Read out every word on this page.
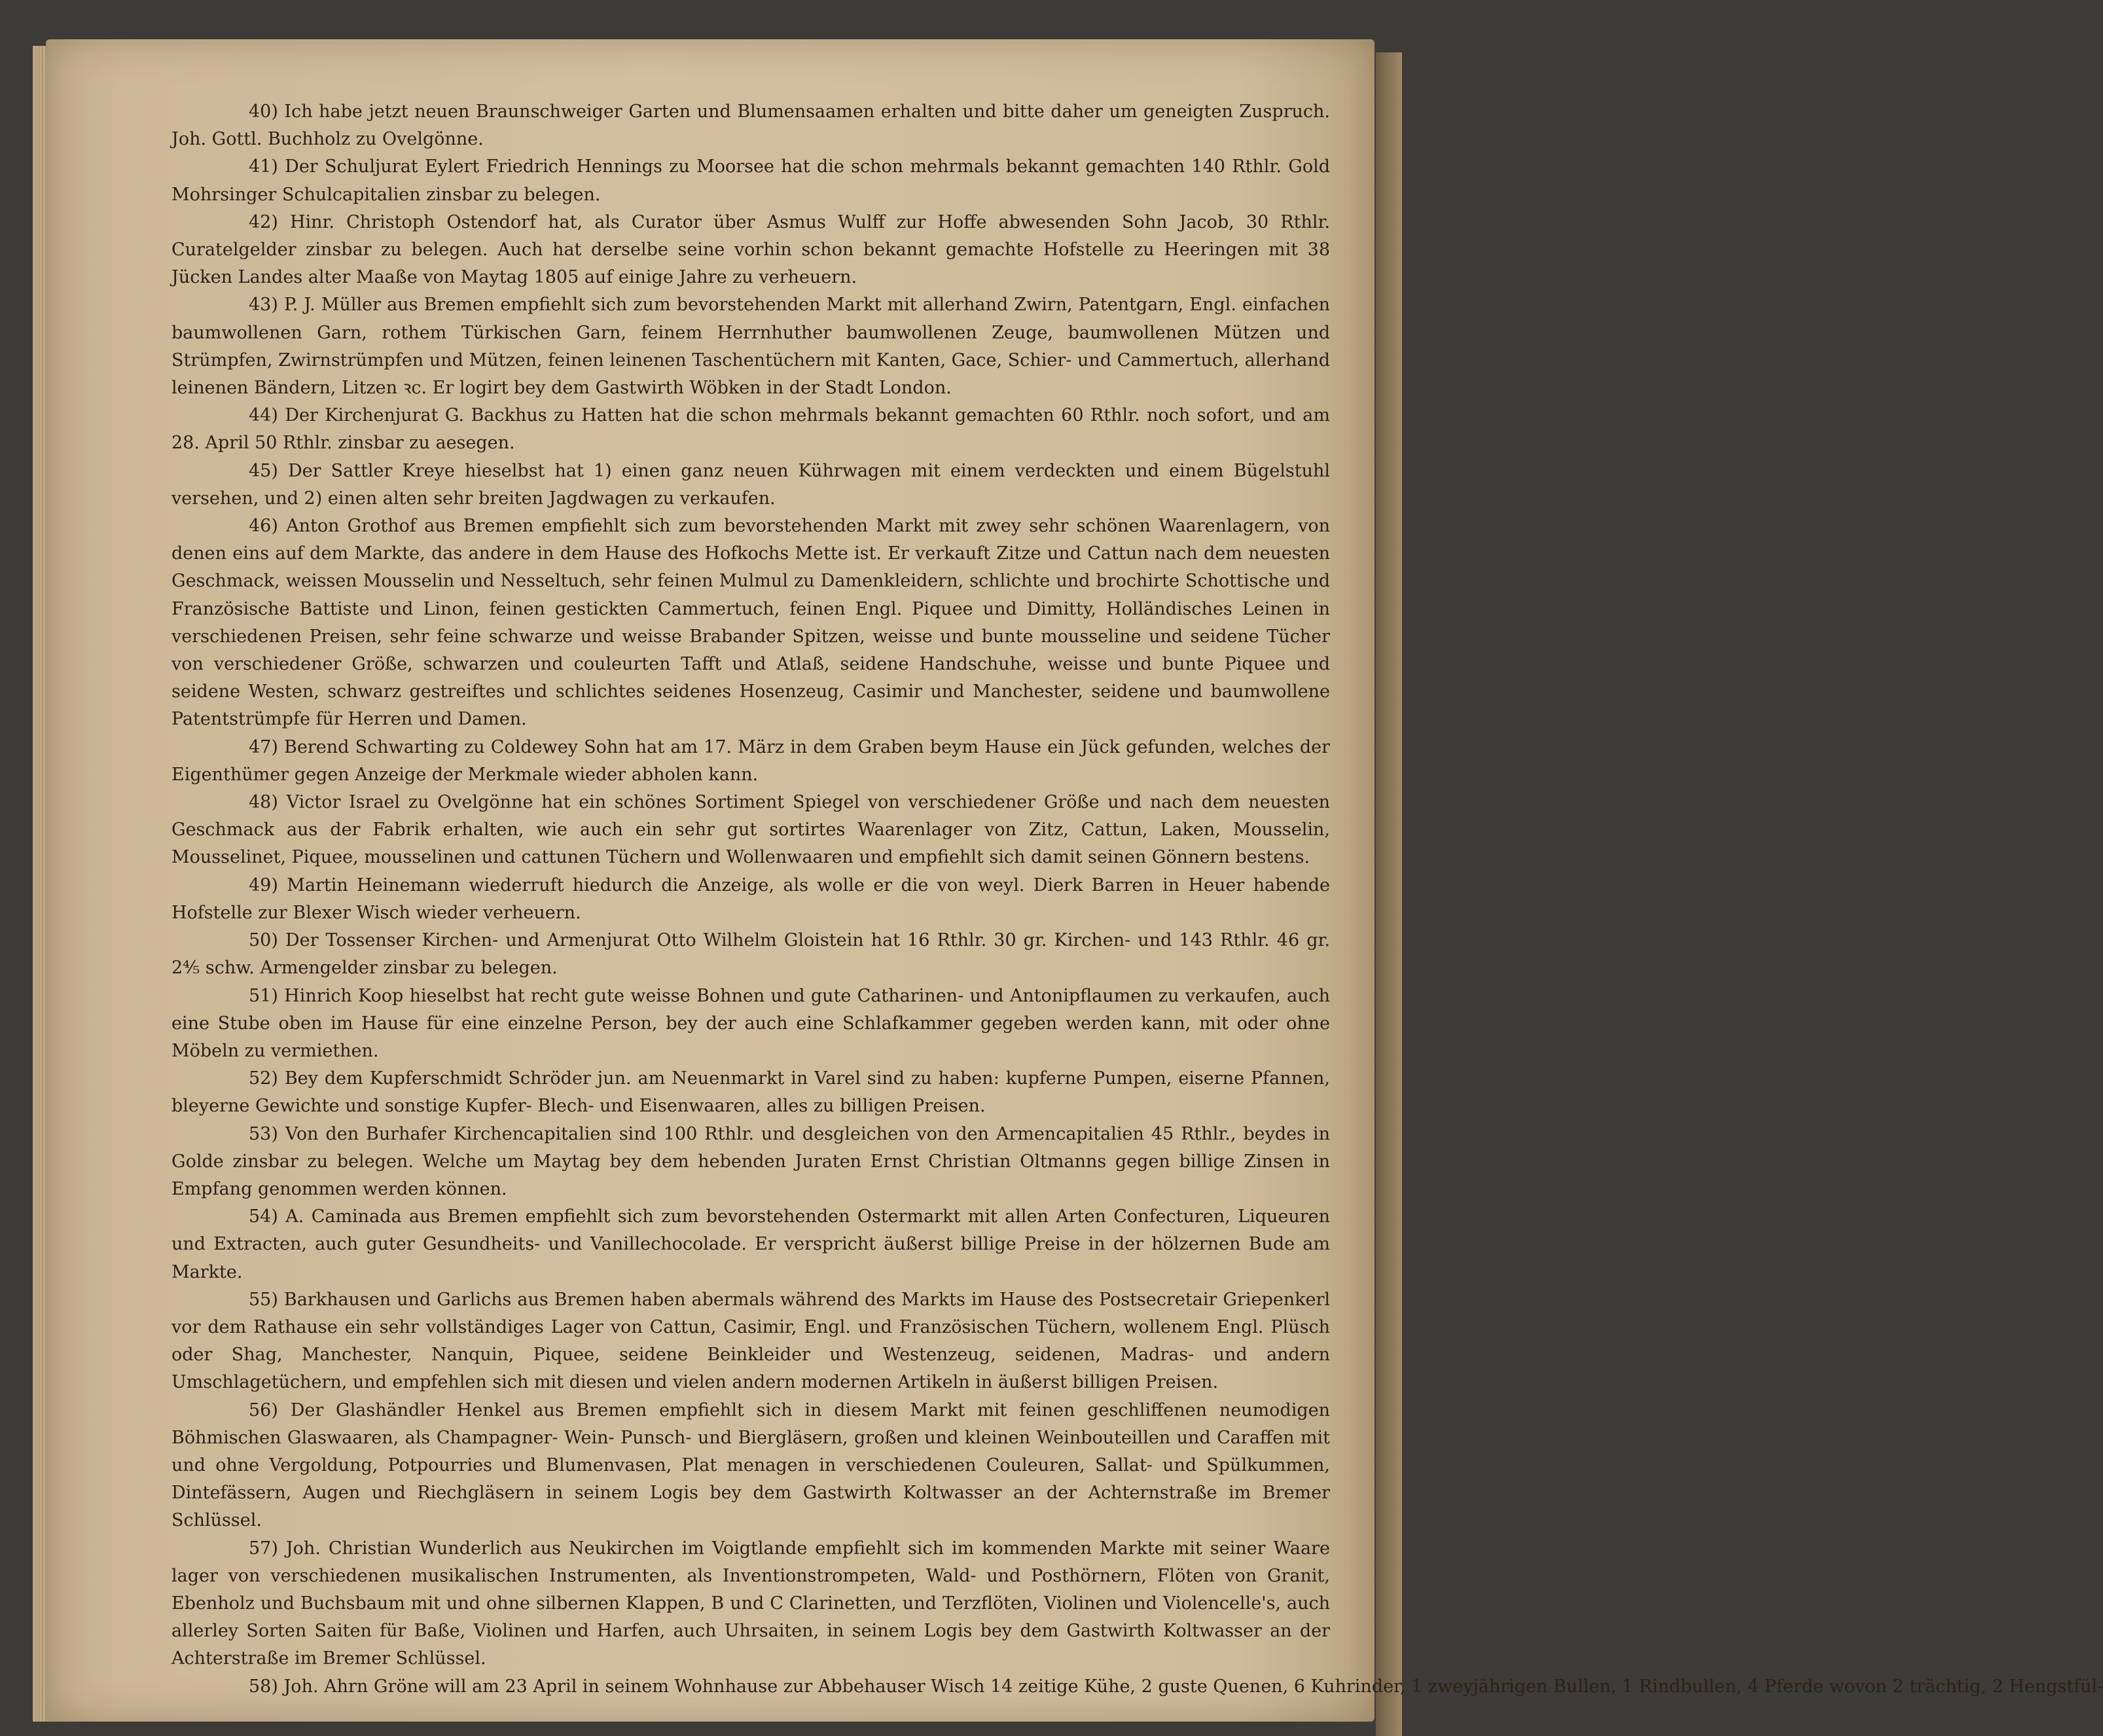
40) Ich habe jetzt neuen Braunschweiger Garten und Blumensaamen erhalten und bitte daher um geneigten Zuspruch. Joh. Gottl. Buchholz zu Ovelgönne.

41) Der Schuljurat Eylert Friedrich Hennings zu Moorsee hat die schon mehrmals bekannt gemachten 140 Rthlr. Gold Mohrsinger Schulcapitalien zinsbar zu belegen.

42) Hinr. Christoph Ostendorf hat, als Curator über Asmus Wulff zur Hoffe abwesenden Sohn Jacob, 30 Rthlr. Curatelgelder zinsbar zu belegen. Auch hat derselbe seine vorhin schon bekannt gemachte Hofstelle zu Heeringen mit 38 Jücken Landes alter Maaße von Maytag 1805 auf einige Jahre zu verheuern.

43) P. J. Müller aus Bremen empfiehlt sich zum bevorstehenden Markt mit allerhand Zwirn, Patentgarn, Engl. einfachen baumwollenen Garn, rothem Türkischen Garn, feinem Herrnhuther baumwollenen Zeuge, baumwollenen Mützen und Strümpfen, Zwirnstrümpfen und Mützen, feinen leinenen Taschentüchern mit Kanten, Gace, Schier- und Cammertuch, allerhand leinenen Bändern, Litzen ꝛc. Er logirt bey dem Gastwirth Wöbken in der Stadt London.

44) Der Kirchenjurat G. Backhus zu Hatten hat die schon mehrmals bekannt gemachten 60 Rthlr. noch sofort, und am 28. April 50 Rthlr. zinsbar zu aesegen.

45) Der Sattler Kreye hieselbst hat 1) einen ganz neuen Kührwagen mit einem verdeckten und einem Bügelstuhl versehen, und 2) einen alten sehr breiten Jagdwagen zu verkaufen.

46) Anton Grothof aus Bremen empfiehlt sich zum bevorstehenden Markt mit zwey sehr schönen Waarenlagern, von denen eins auf dem Markte, das andere in dem Hause des Hofkochs Mette ist. Er verkauft Zitze und Cattun nach dem neuesten Geschmack, weissen Mousselin und Nesseltuch, sehr feinen Mulmul zu Damenkleidern, schlichte und brochirte Schottische und Französische Battiste und Linon, feinen gestickten Cammertuch, feinen Engl. Piquee und Dimitty, Holländisches Leinen in verschiedenen Preisen, sehr feine schwarze und weisse Brabander Spitzen, weisse und bunte mousseline und seidene Tücher von verschiedener Größe, schwarzen und couleurten Tafft und Atlaß, seidene Handschuhe, weisse und bunte Piquee und seidene Westen, schwarz gestreiftes und schlichtes seidenes Hosenzeug, Casimir und Manchester, seidene und baumwollene Patentstrümpfe für Herren und Damen.

47) Berend Schwarting zu Coldewey Sohn hat am 17. März in dem Graben beym Hause ein Jück gefunden, welches der Eigenthümer gegen Anzeige der Merkmale wieder abholen kann.

48) Victor Israel zu Ovelgönne hat ein schönes Sortiment Spiegel von verschiedener Größe und nach dem neuesten Geschmack aus der Fabrik erhalten, wie auch ein sehr gut sortirtes Waarenlager von Zitz, Cattun, Laken, Mousselin, Mousselinet, Piquee, mousselinen und cattunen Tüchern und Wollenwaaren und empfiehlt sich damit seinen Gönnern bestens.

49) Martin Heinemann wiederruft hiedurch die Anzeige, als wolle er die von weyl. Dierk Barren in Heuer habende Hofstelle zur Blexer Wisch wieder verheuern.

50) Der Tossenser Kirchen- und Armenjurat Otto Wilhelm Gloistein hat 16 Rthlr. 30 gr. Kirchen- und 143 Rthlr. 46 gr. 2⅘ schw. Armengelder zinsbar zu belegen.

51) Hinrich Koop hieselbst hat recht gute weisse Bohnen und gute Catharinen- und Antonipflaumen zu verkaufen, auch eine Stube oben im Hause für eine einzelne Person, bey der auch eine Schlafkammer gegeben werden kann, mit oder ohne Möbeln zu vermiethen.

52) Bey dem Kupferschmidt Schröder jun. am Neuenmarkt in Varel sind zu haben: kupferne Pumpen, eiserne Pfannen, bleyerne Gewichte und sonstige Kupfer- Blech- und Eisenwaaren, alles zu billigen Preisen.

53) Von den Burhafer Kirchencapitalien sind 100 Rthlr. und desgleichen von den Armencapitalien 45 Rthlr., beydes in Golde zinsbar zu belegen. Welche um Maytag bey dem hebenden Juraten Ernst Christian Oltmanns gegen billige Zinsen in Empfang genommen werden können.

54) A. Caminada aus Bremen empfiehlt sich zum bevorstehenden Ostermarkt mit allen Arten Confecturen, Liqueuren und Extracten, auch guter Gesundheits- und Vanillechocolade. Er verspricht äußerst billige Preise in der hölzernen Bude am Markte.

55) Barkhausen und Garlichs aus Bremen haben abermals während des Markts im Hause des Postsecretair Griepenkerl vor dem Rathause ein sehr vollständiges Lager von Cattun, Casimir, Engl. und Französischen Tüchern, wollenem Engl. Plüsch oder Shag, Manchester, Nanquin, Piquee, seidene Beinkleider und Westenzeug, seidenen, Madras- und andern Umschlagetüchern, und empfehlen sich mit diesen und vielen andern modernen Artikeln in äußerst billigen Preisen.

56) Der Glashändler Henkel aus Bremen empfiehlt sich in diesem Markt mit feinen geschliffenen neumodigen Böhmischen Glaswaaren, als Champagner- Wein- Punsch- und Biergläsern, großen und kleinen Weinbouteillen und Caraffen mit und ohne Vergoldung, Potpourries und Blumenvasen, Plat menagen in verschiedenen Couleuren, Sallat- und Spülkummen, Dintefässern, Augen und Riechgläsern in seinem Logis bey dem Gastwirth Koltwasser an der Achternstraße im Bremer Schlüssel.

57) Joh. Christian Wunderlich aus Neukirchen im Voigtlande empfiehlt sich im kommenden Markte mit seiner Waare lager von verschiedenen musikalischen Instrumenten, als Inventionstrompeten, Wald- und Posthörnern, Flöten von Granit, Ebenholz und Buchsbaum mit und ohne silbernen Klappen, B und C Clarinetten, und Terzflöten, Violinen und Violencelle's, auch allerley Sorten Saiten für Baße, Violinen und Harfen, auch Uhrsaiten, in seinem Logis bey dem Gastwirth Koltwasser an der Achterstraße im Bremer Schlüssel.

58) Joh. Ahrn Gröne will am 23 April in seinem Wohnhause zur Abbehauser Wisch 14 zeitige Kühe, 2 guste Quenen, 6 Kuhrinder, 1 zweyjährigen Bullen, 1 Rindbullen, 4 Pferde wovon 2 trächtig, 2 Hengstfül-
